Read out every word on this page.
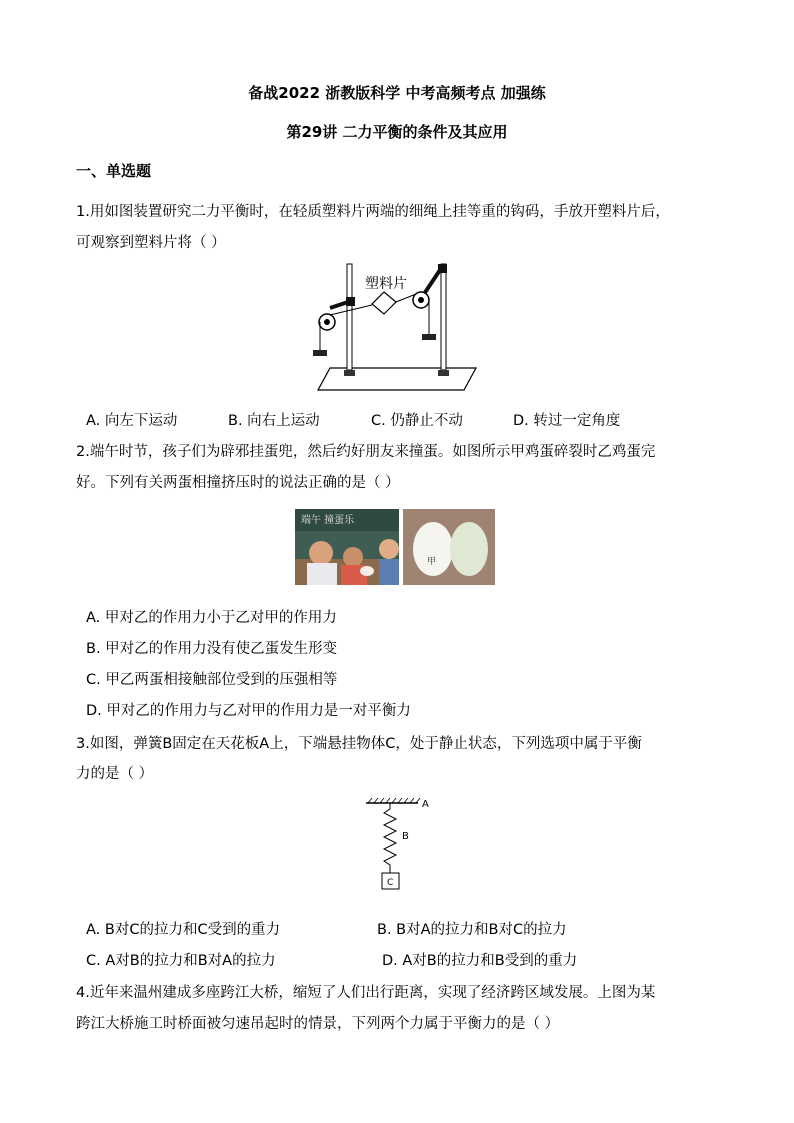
备战2022 浙教版科学 中考高频考点 加强练
第29讲 二力平衡的条件及其应用
一、单选题
1.用如图装置研究二力平衡时，在轻质塑料片两端的细绳上挂等重的钩码，手放开塑料片后，
可观察到塑料片将（ ）
塑料片
A. 向左下运动	B. 向右上运动	C. 仍静止不动	D. 转过一定角度
2.端午时节，孩子们为辟邪挂蛋兜，然后约好朋友来撞蛋。如图所示甲鸡蛋碎裂时乙鸡蛋完
好。下列有关两蛋相撞挤压时的说法正确的是（ ）
端午 撞蛋乐
甲
A. 甲对乙的作用力小于乙对甲的作用力
B. 甲对乙的作用力没有使乙蛋发生形变
C. 甲乙两蛋相接触部位受到的压强相等
D. 甲对乙的作用力与乙对甲的作用力是一对平衡力
3.如图，弹簧B固定在天花板A上，下端悬挂物体C，处于静止状态，下列选项中属于平衡
力的是（ ）
A
B
C
A. B对C的拉力和C受到的重力	B. B对A的拉力和B对C的拉力
C. A对B的拉力和B对A的拉力	D. A对B的拉力和B受到的重力
4.近年来温州建成多座跨江大桥，缩短了人们出行距离，实现了经济跨区域发展。上图为某
跨江大桥施工时桥面被匀速吊起时的情景，下列两个力属于平衡力的是（ ）
